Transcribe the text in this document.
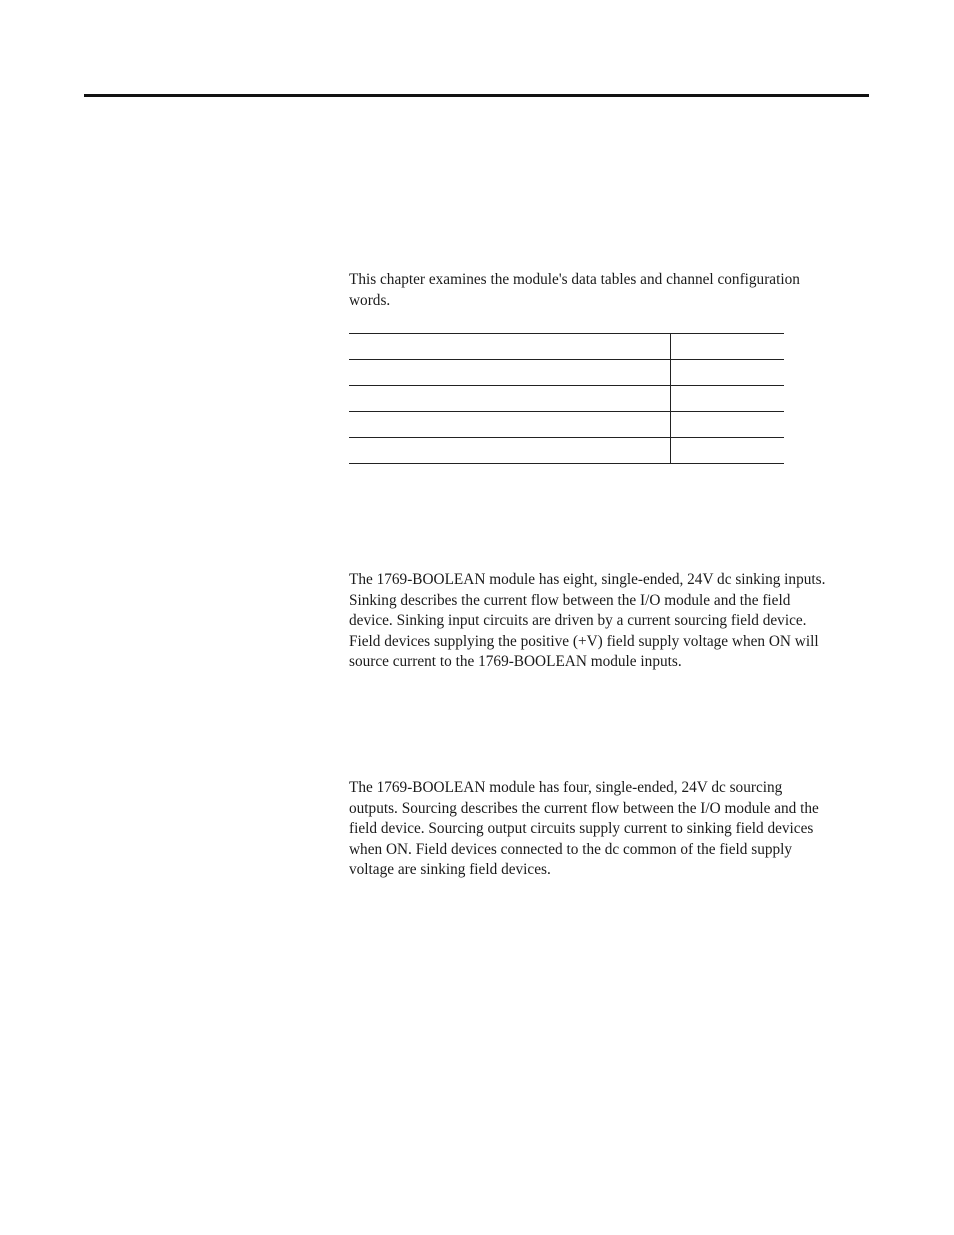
This chapter examines the module's data tables and channel configuration
words.

The 1769-BOOLEAN module has eight, single-ended, 24V dc sinking inputs.
Sinking describes the current flow between the I/O module and the field
device. Sinking input circuits are driven by a current sourcing field device.
Field devices supplying the positive (+V) field supply voltage when ON will
source current to the 1769-BOOLEAN module inputs.

The 1769-BOOLEAN module has four, single-ended, 24V dc sourcing
outputs. Sourcing describes the current flow between the I/O module and the
field device. Sourcing output circuits supply current to sinking field devices
when ON. Field devices connected to the dc common of the field supply
voltage are sinking field devices.
